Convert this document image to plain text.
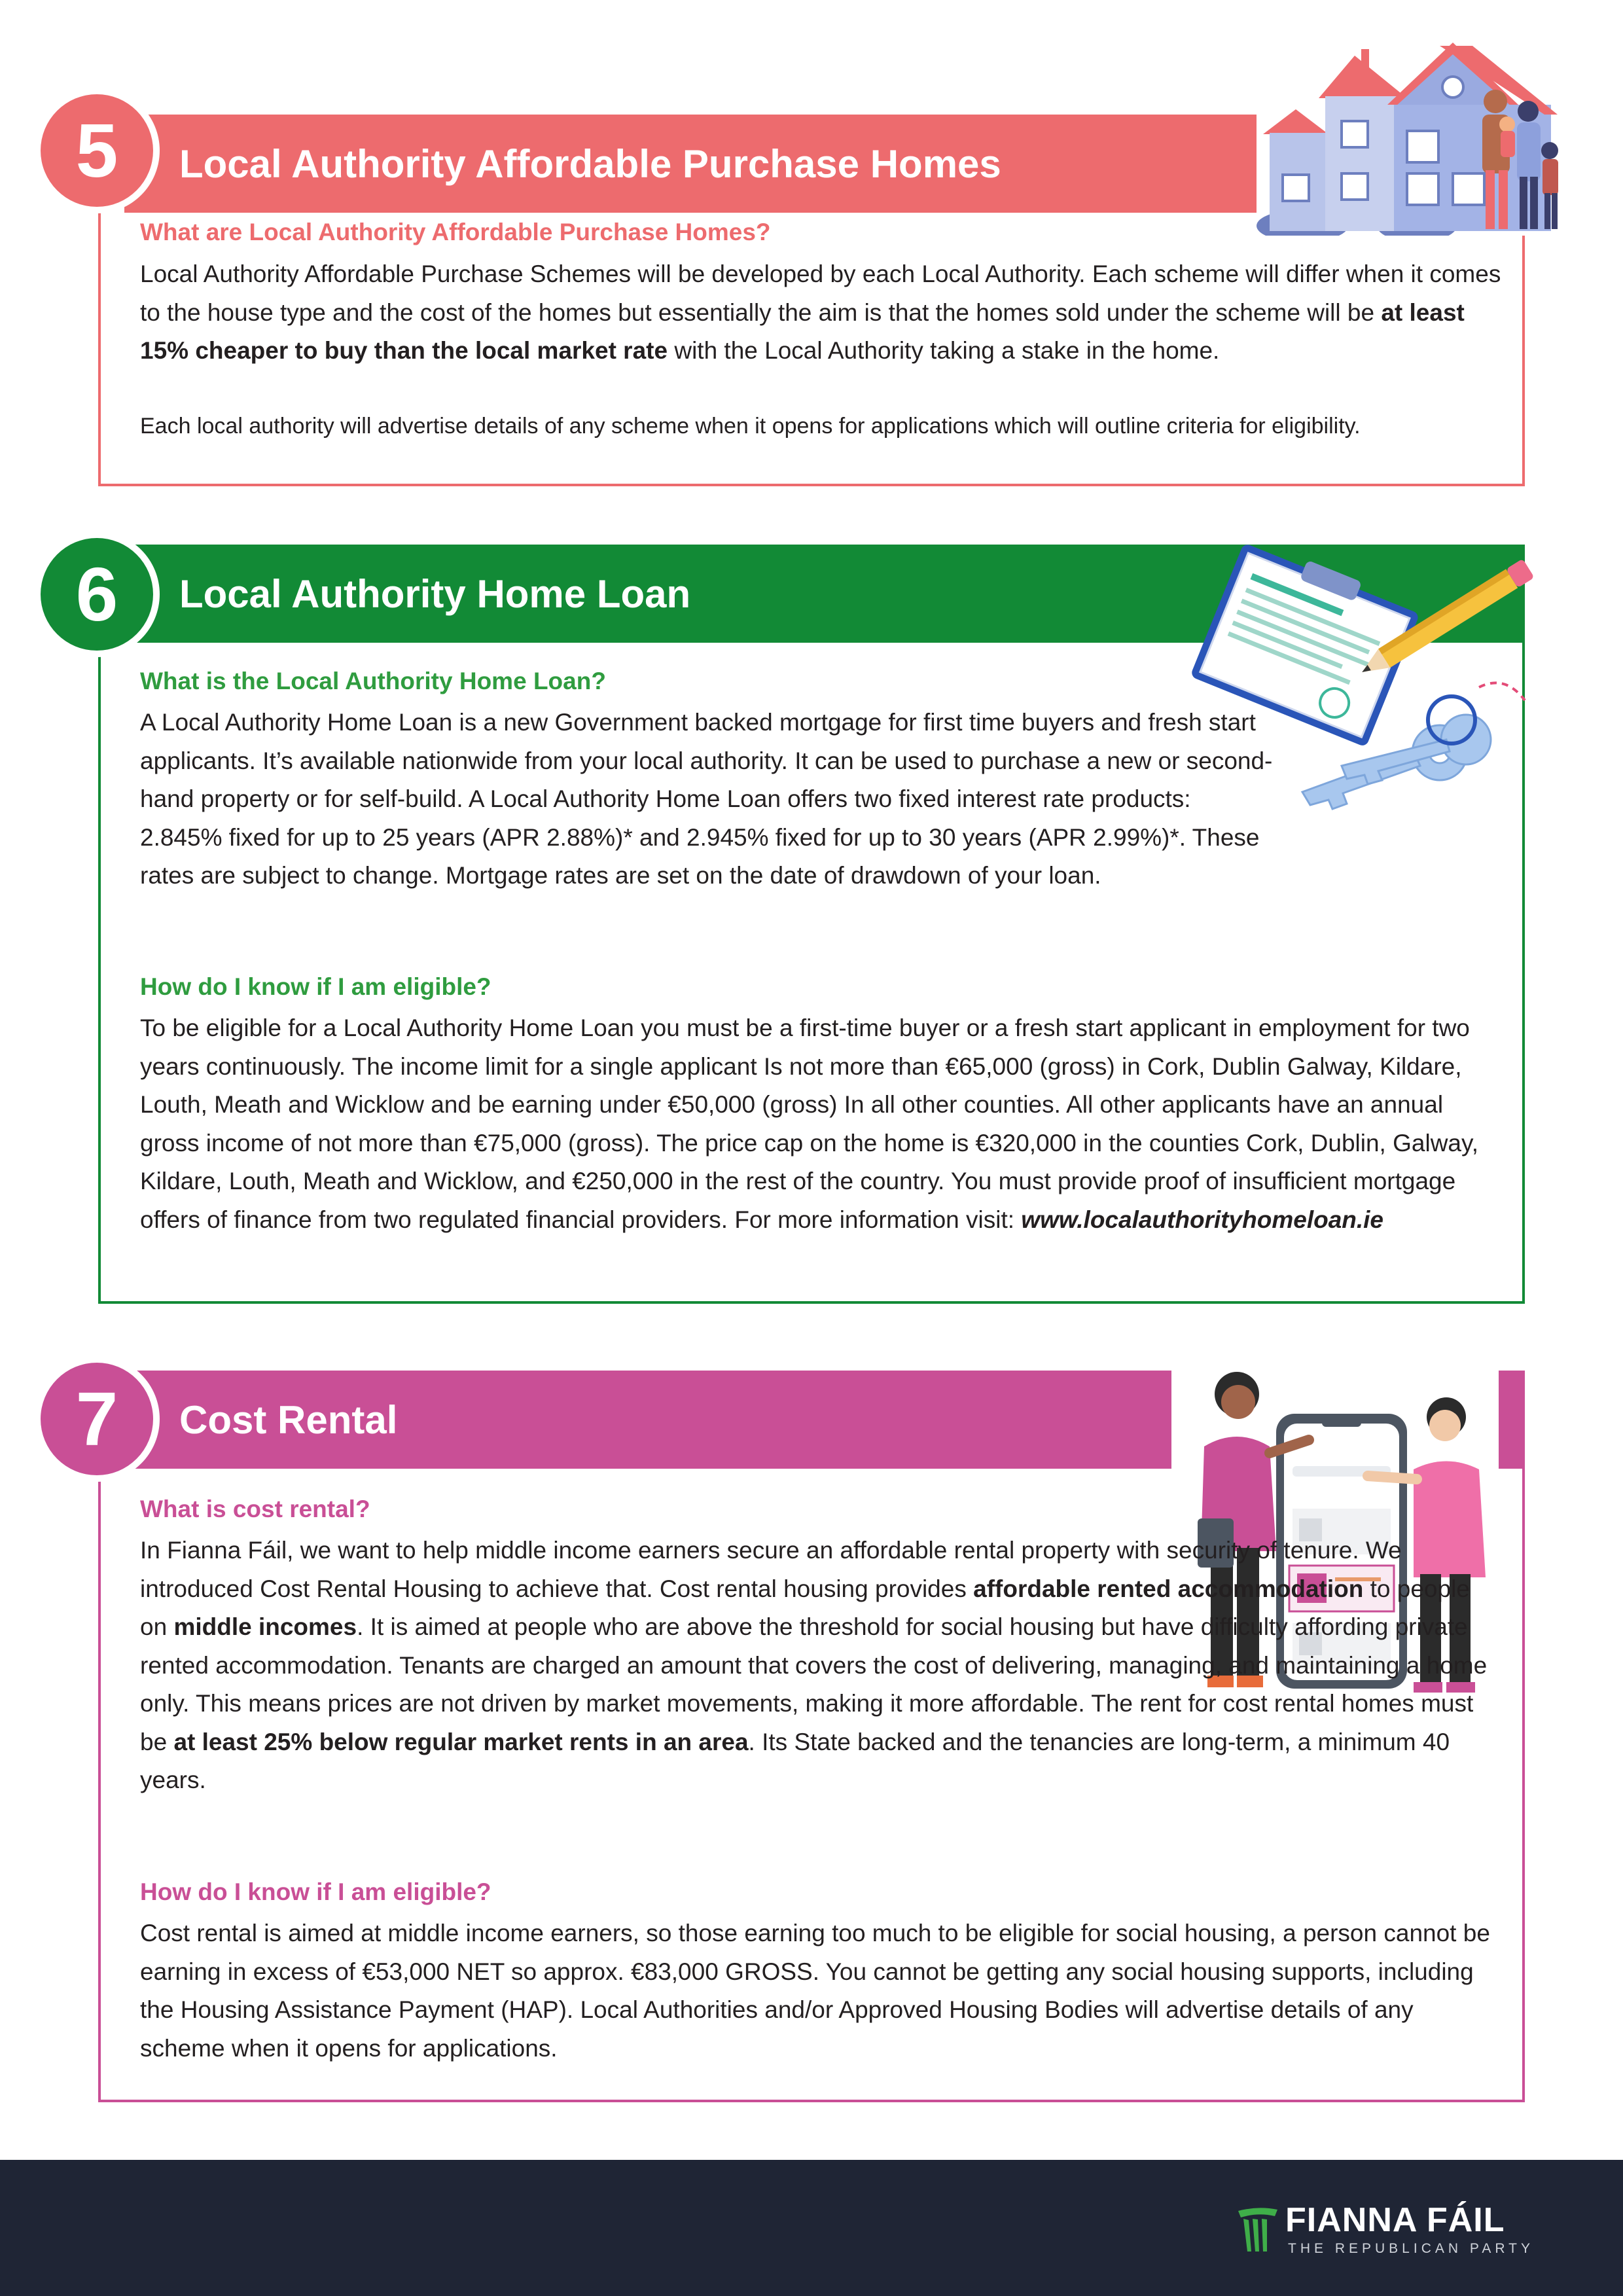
Local Authority Affordable Purchase Homes
5

What are Local Authority Affordable Purchase Homes?

Local Authority Affordable Purchase Schemes will be developed by each Local Authority. Each scheme will differ when it comes to the house type and the cost of the homes but essentially the aim is that the homes sold under the scheme will be at least 15% cheaper to buy than the local market rate with the Local Authority taking a stake in the home.

Each local authority will advertise details of any scheme when it opens for applications which will outline criteria for eligibility.

Local Authority Home Loan
6

What is the Local Authority Home Loan?

A Local Authority Home Loan is a new Government backed mortgage for first time buyers and fresh start applicants. It’s available nationwide from your local authority. It can be used to purchase a new or second-hand property or for self-build. A Local Authority Home Loan offers two fixed interest rate products: 2.845% fixed for up to 25 years (APR 2.88%)* and 2.945% fixed for up to 30 years (APR 2.99%)*. These rates are subject to change. Mortgage rates are set on the date of drawdown of your loan.

How do I know if I am eligible?

To be eligible for a Local Authority Home Loan you must be a first-time buyer or a fresh start applicant in employment for two years continuously. The income limit for a single applicant Is not more than €65,000 (gross) in Cork, Dublin Galway, Kildare, Louth, Meath and Wicklow and be earning under €50,000 (gross) In all other counties. All other applicants have an annual gross income of not more than €75,000 (gross). The price cap on the home is €320,000 in the counties Cork, Dublin, Galway, Kildare, Louth, Meath and Wicklow, and €250,000 in the rest of the country. You must provide proof of insufficient mortgage offers of finance from two regulated financial providers. For more information visit: www.localauthorityhomeloan.ie

Cost Rental
7

What is cost rental?

In Fianna Fáil, we want to help middle income earners secure an affordable rental property with security of tenure. We introduced Cost Rental Housing to achieve that. Cost rental housing provides affordable rented accommodation to people on middle incomes. It is aimed at people who are above the threshold for social housing but have difficulty affording private rented accommodation. Tenants are charged an amount that covers the cost of delivering, managing, and maintaining a home only. This means prices are not driven by market movements, making it more affordable. The rent for cost rental homes must be at least 25% below regular market rents in an area. Its State backed and the tenancies are long-term, a minimum 40 years.

How do I know if I am eligible?

Cost rental is aimed at middle income earners, so those earning too much to be eligible for social housing, a person cannot be earning in excess of €53,000 NET so approx. €83,000 GROSS. You cannot be getting any social housing supports, including the Housing Assistance Payment (HAP). Local Authorities and/or Approved Housing Bodies will advertise details of any scheme when it opens for applications.

FIANNA FÁIL
THE REPUBLICAN PARTY
